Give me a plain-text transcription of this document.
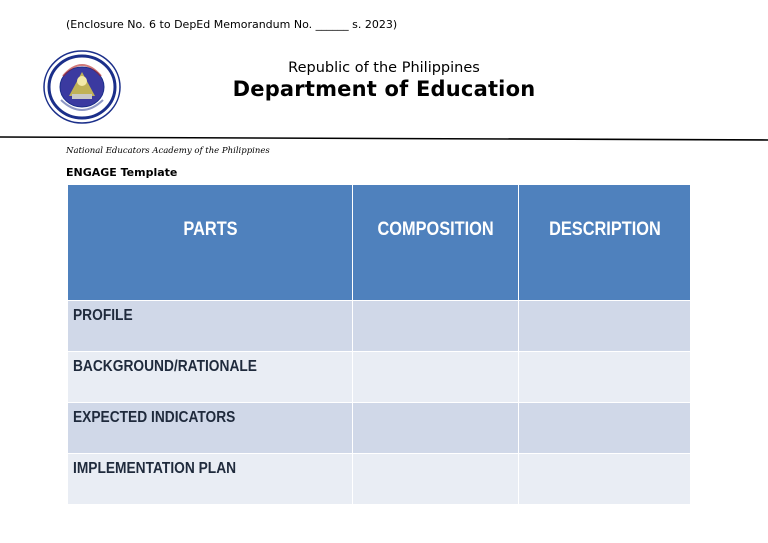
(Enclosure No. 6 to DepEd Memorandum No. ______ s. 2023)
Republic of the Philippines
Department of Education
National Educators Academy of the Philippines
ENGAGE Template
PARTS	COMPOSITION	DESCRIPTION
PROFILE		
BACKGROUND/RATIONALE		
EXPECTED INDICATORS		
IMPLEMENTATION PLAN		
